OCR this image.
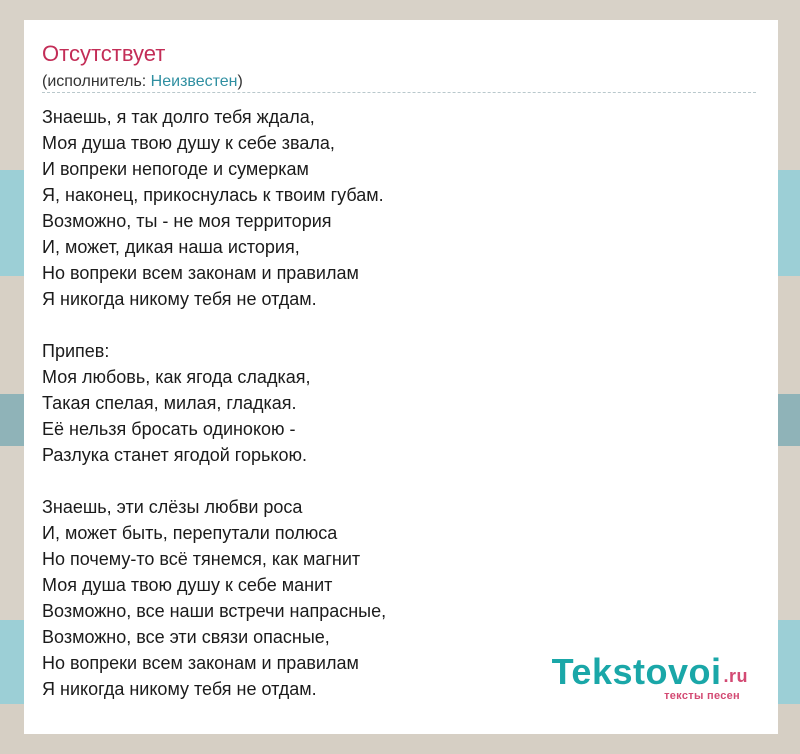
Отсутствует
(исполнитель: Неизвестен)
Знаешь, я так долго тебя ждала,
Моя душа твою душу к себе звала,
И вопреки непогоде и сумеркам
Я, наконец, прикоснулась к твоим губам.
Возможно, ты - не моя территория
И, может, дикая наша история,
Но вопреки всем законам и правилам
Я никогда никому тебя не отдам.

Припев:
Моя любовь, как ягода сладкая,
Такая спелая, милая, гладкая.
Её нельзя бросать одинокою -
Разлука станет ягодой горькою.

Знаешь, эти слёзы любви роса
И, может быть, перепутали полюса
Но почему-то всё тянемся, как магнит
Моя душа твою душу к себе манит
Возможно, все наши встречи напрасные,
Возможно, все эти связи опасные,
Но вопреки всем законам и правилам
Я никогда никому тебя не отдам.	Tekstovoi .ru
тексты песен
